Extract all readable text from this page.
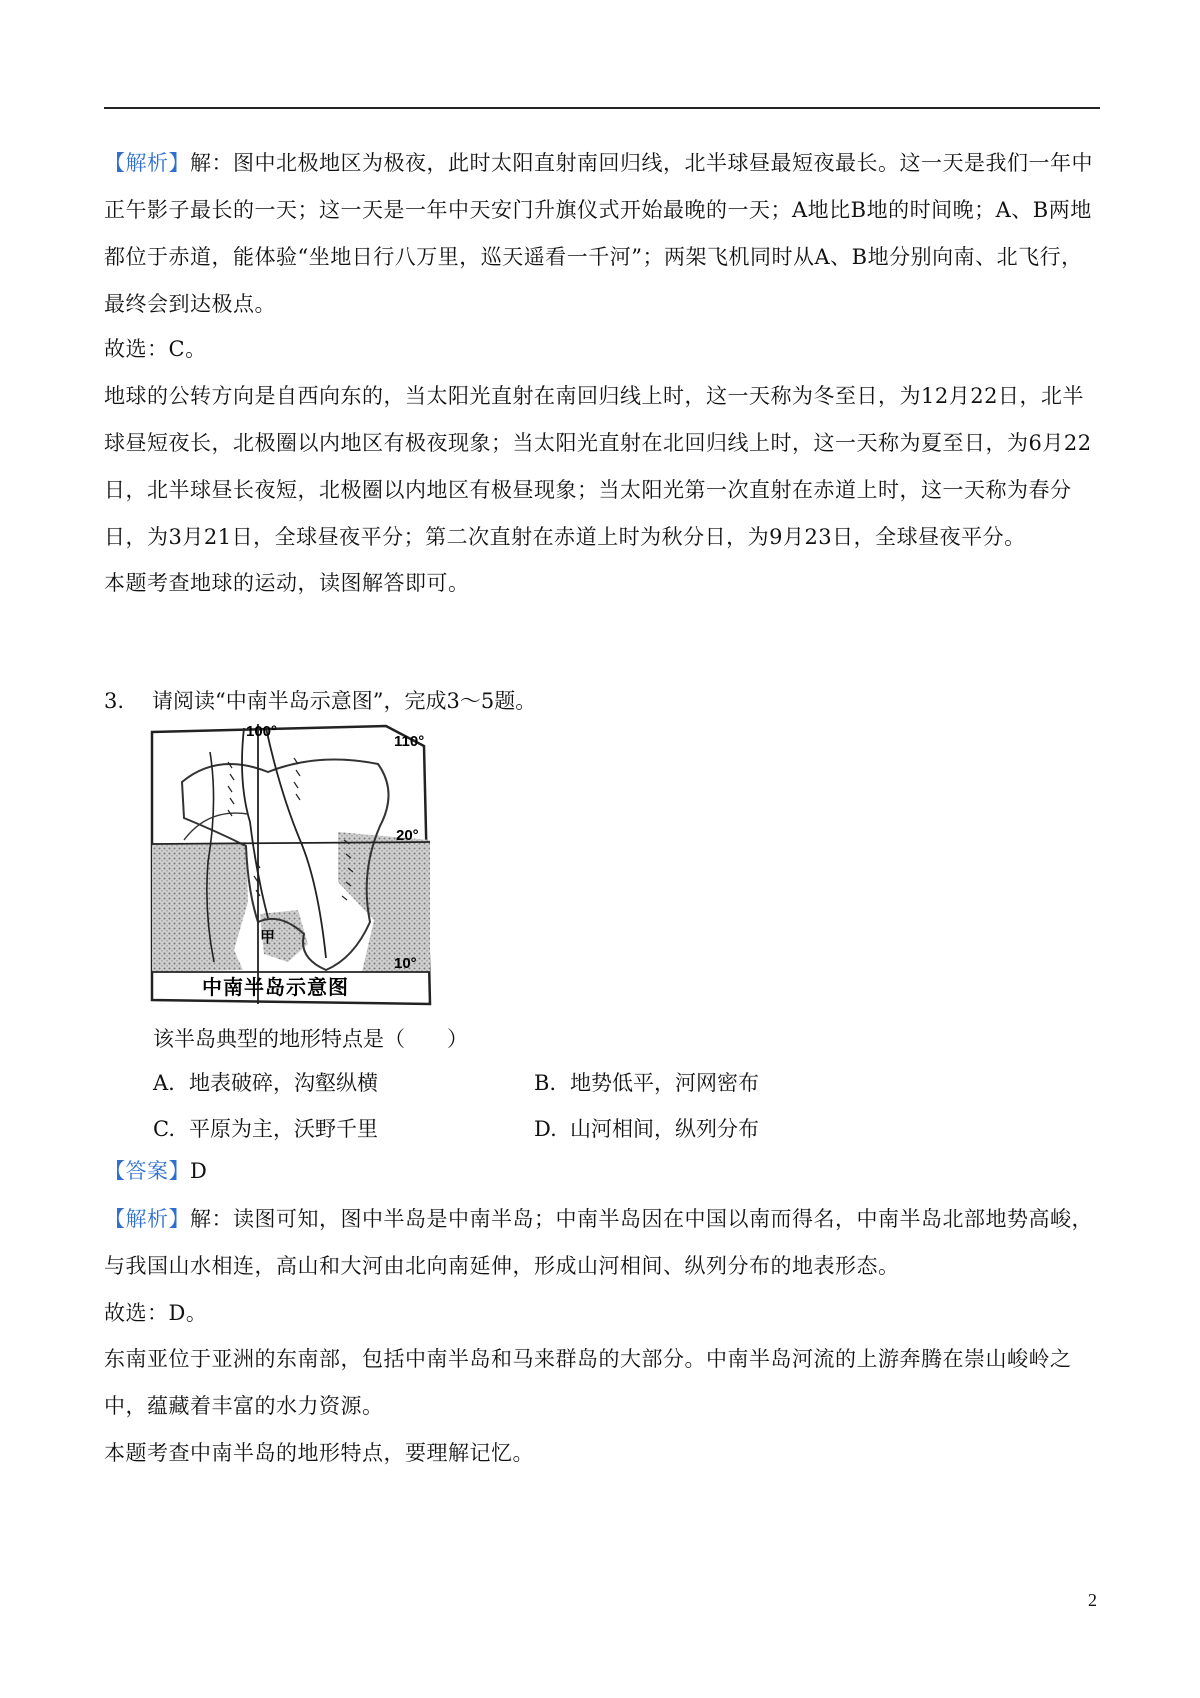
【解析】解：图中北极地区为极夜，此时太阳直射南回归线，北半球昼最短夜最长。这一天是我们一年中正午影子最长的一天；这一天是一年中天安门升旗仪式开始最晚的一天；A地比B地的时间晚；A、B两地都位于赤道，能体验“坐地日行八万里，巡天遥看一千河”；两架飞机同时从A、B地分别向南、北飞行，最终会到达极点。

故选：C。

地球的公转方向是自西向东的，当太阳光直射在南回归线上时，这一天称为冬至日，为12月22日，北半球昼短夜长，北极圈以内地区有极夜现象；当太阳光直射在北回归线上时，这一天称为夏至日，为6月22日，北半球昼长夜短，北极圈以内地区有极昼现象；当太阳光第一次直射在赤道上时，这一天称为春分日，为3月21日，全球昼夜平分；第二次直射在赤道上时为秋分日，为9月23日，全球昼夜平分。

本题考查地球的运动，读图解答即可。

3. 请阅读“中南半岛示意图”，完成3～5题。

100°
110°
20°
10°
甲
中南半岛示意图

该半岛典型的地形特点是（　　）

A. 地表破碎，沟壑纵横	B. 地势低平，河网密布

C. 平原为主，沃野千里	D. 山河相间，纵列分布

【答案】D

【解析】解：读图可知，图中半岛是中南半岛；中南半岛因在中国以南而得名，中南半岛北部地势高峻，与我国山水相连，高山和大河由北向南延伸，形成山河相间、纵列分布的地表形态。

故选：D。

东南亚位于亚洲的东南部，包括中南半岛和马来群岛的大部分。中南半岛河流的上游奔腾在崇山峻岭之中，蕴藏着丰富的水力资源。

本题考查中南半岛的地形特点，要理解记忆。

2
